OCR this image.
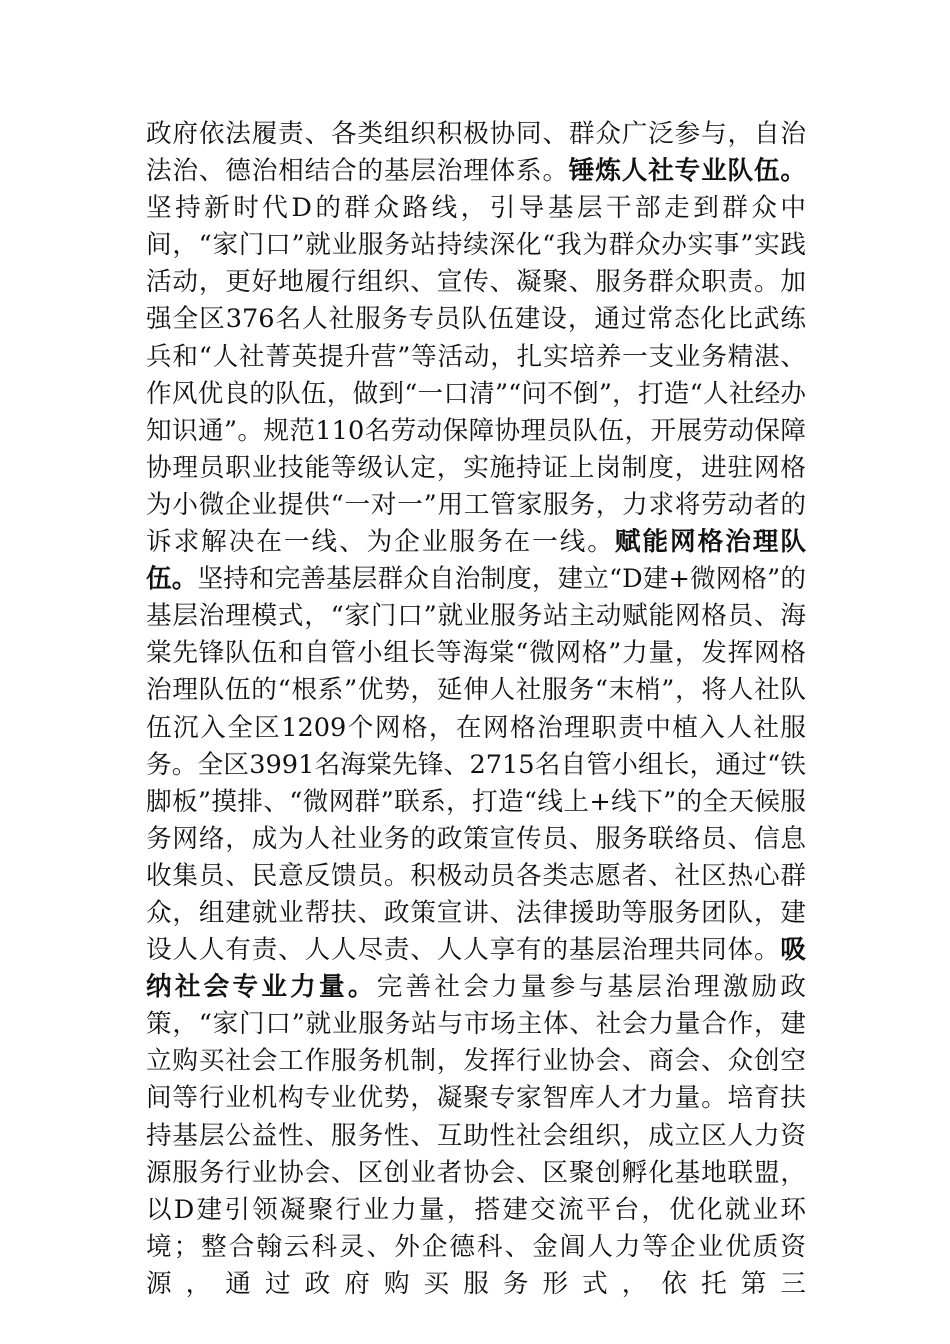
政府依法履责、各类组织积极协同、群众广泛参与，自治法治、德治相结合的基层治理体系。锤炼人社专业队伍。坚持新时代D的群众路线，引导基层干部走到群众中间，“家门口”就业服务站持续深化“我为群众办实事”实践活动，更好地履行组织、宣传、凝聚、服务群众职责。加强全区376名人社服务专员队伍建设，通过常态化比武练兵和“人社菁英提升营”等活动，扎实培养一支业务精湛、作风优良的队伍，做到“一口清”“问不倒”，打造“人社经办知识通”。规范110名劳动保障协理员队伍，开展劳动保障协理员职业技能等级认定，实施持证上岗制度，进驻网格为小微企业提供“一对一”用工管家服务，力求将劳动者的诉求解决在一线、为企业服务在一线。赋能网格治理队伍。坚持和完善基层群众自治制度，建立“D建+微网格”的基层治理模式，“家门口”就业服务站主动赋能网格员、海棠先锋队伍和自管小组长等海棠“微网格”力量，发挥网格治理队伍的“根系”优势，延伸人社服务“末梢”，将人社队伍沉入全区1209个网格，在网格治理职责中植入人社服务。全区3991名海棠先锋、2715名自管小组长，通过“铁脚板”摸排、“微网群”联系，打造“线上+线下”的全天候服务网络，成为人社业务的政策宣传员、服务联络员、信息收集员、民意反馈员。积极动员各类志愿者、社区热心群众，组建就业帮扶、政策宣讲、法律援助等服务团队，建设人人有责、人人尽责、人人享有的基层治理共同体。吸纳社会专业力量。完善社会力量参与基层治理激励政策，“家门口”就业服务站与市场主体、社会力量合作，建立购买社会工作服务机制，发挥行业协会、商会、众创空间等行业机构专业优势，凝聚专家智库人才力量。培育扶持基层公益性、服务性、互助性社会组织，成立区人力资源服务行业协会、区创业者协会、区聚创孵化基地联盟，以D建引领凝聚行业力量，搭建交流平台，优化就业环境；整合翰云科灵、外企德科、金阊人力等企业优质资源，通过政府购买服务形式，依托第三
